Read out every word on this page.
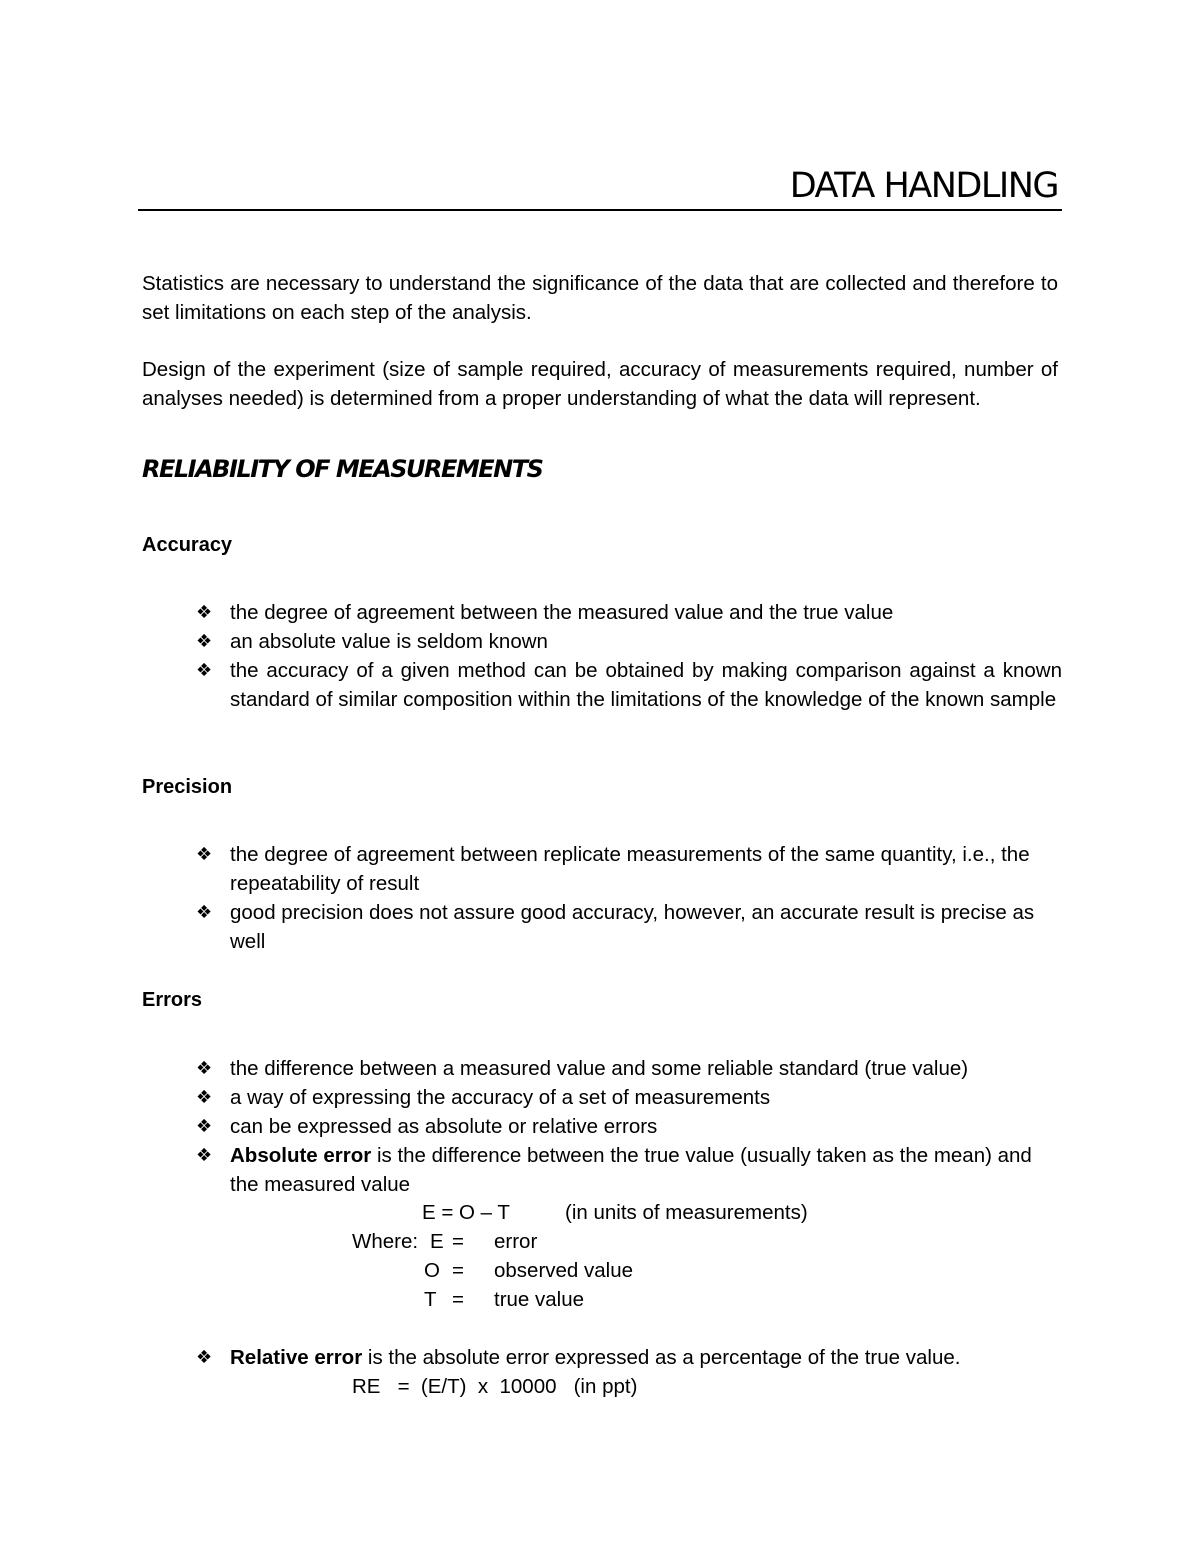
DATA HANDLING

Statistics are necessary to understand the significance of the data that are collected and therefore to set limitations on each step of the analysis.

Design of the experiment (size of sample required, accuracy of measurements required, number of analyses needed) is determined from a proper understanding of what the data will represent.

RELIABILITY OF MEASUREMENTS
Accuracy
❖ the degree of agreement between the measured value and the true value
❖ an absolute value is seldom known
❖ the accuracy of a given method can be obtained by making comparison against a known standard of similar composition within the limitations of the knowledge of the known sample
Precision
❖ the degree of agreement between replicate measurements of the same quantity, i.e., the repeatability of result
❖ good precision does not assure good accuracy, however, an accurate result is precise as well
Errors
❖ the difference between a measured value and some reliable standard (true value)
❖ a way of expressing the accuracy of a set of measurements
❖ can be expressed as absolute or relative errors
❖ Absolute error is the difference between the true value (usually taken as the mean) and the measured value
E = O – T	(in units of measurements)
Where: E = error
O = observed value
T = true value
❖ Relative error is the absolute error expressed as a percentage of the true value.
RE   =  (E/T)  x  10000   (in ppt)
